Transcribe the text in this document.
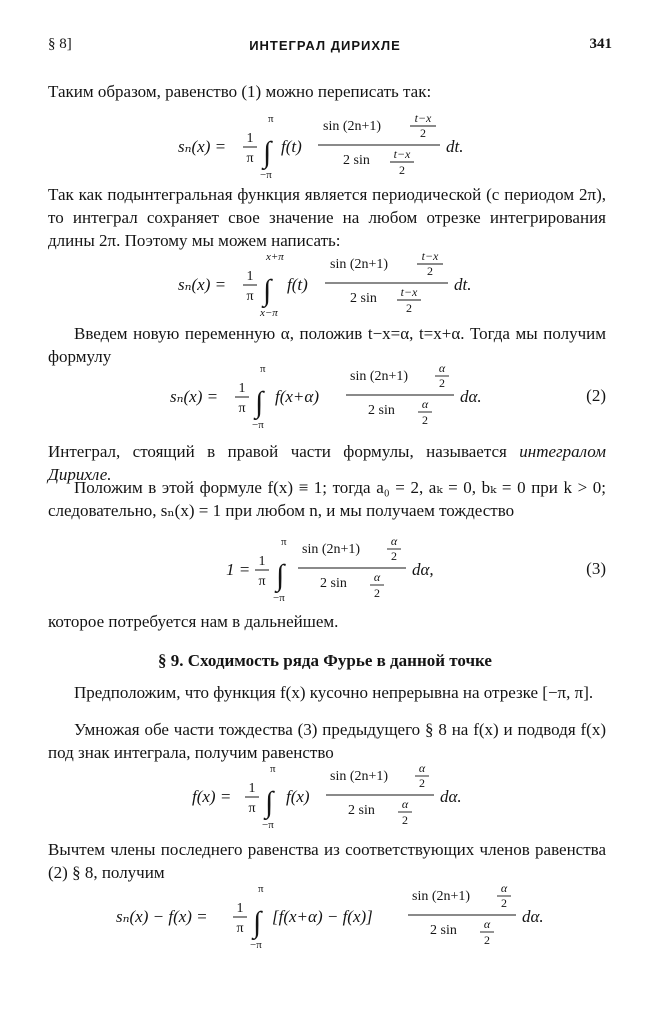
§ 8]	ИНТЕГРАЛ ДИРИХЛЕ	341
Таким образом, равенство (1) можно переписать так:
sₙ(x) = 1
π ∫
π
−π
f(t)
sin (2n+1)
t−x
2
2 sin t−x
2
dt.
Так как подынтегральная функция является периодической (с периодом 2π), то интеграл сохраняет свое значение на любом отрезке интегрирования длины 2π. Поэтому мы можем написать:
sₙ(x) = 1
π ∫
x+π
x−π
f(t)
sin (2n+1)
t−x
2
2 sin t−x
2
dt.
Введем новую переменную α, положив t−x=α, t=x+α. Тогда мы получим формулу
sₙ(x) = 1
π ∫
π
−π
f(x+α)
sin (2n+1)
α
2
2 sin α
2
dα.	(2)
Интеграл, стоящий в правой части формулы, называется интегралом Дирихле.
Положим в этой формуле f(x) ≡ 1; тогда a₀ = 2, aₖ = 0, bₖ = 0 при k > 0; следовательно, sₙ(x) = 1 при любом n, и мы получаем тождество
1 = 1
π ∫
π
−π
sin (2n+1)
α
2
2 sin α
2
dα,	(3)
которое потребуется нам в дальнейшем.
§ 9. Сходимость ряда Фурье в данной точке
Предположим, что функция f(x) кусочно непрерывна на отрезке [−π, π].
Умножая обе части тождества (3) предыдущего § 8 на f(x) и подводя f(x) под знак интеграла, получим равенство
f(x) = 1
π ∫
π
−π
f(x)
sin (2n+1)
α
2
2 sin α
2
dα.
Вычтем члены последнего равенства из соответствующих членов равенства (2) § 8, получим
sₙ(x) − f(x) = 1
π ∫
π
−π
[f(x+α) − f(x)]
sin (2n+1)
α
2
2 sin α
2
dα.
